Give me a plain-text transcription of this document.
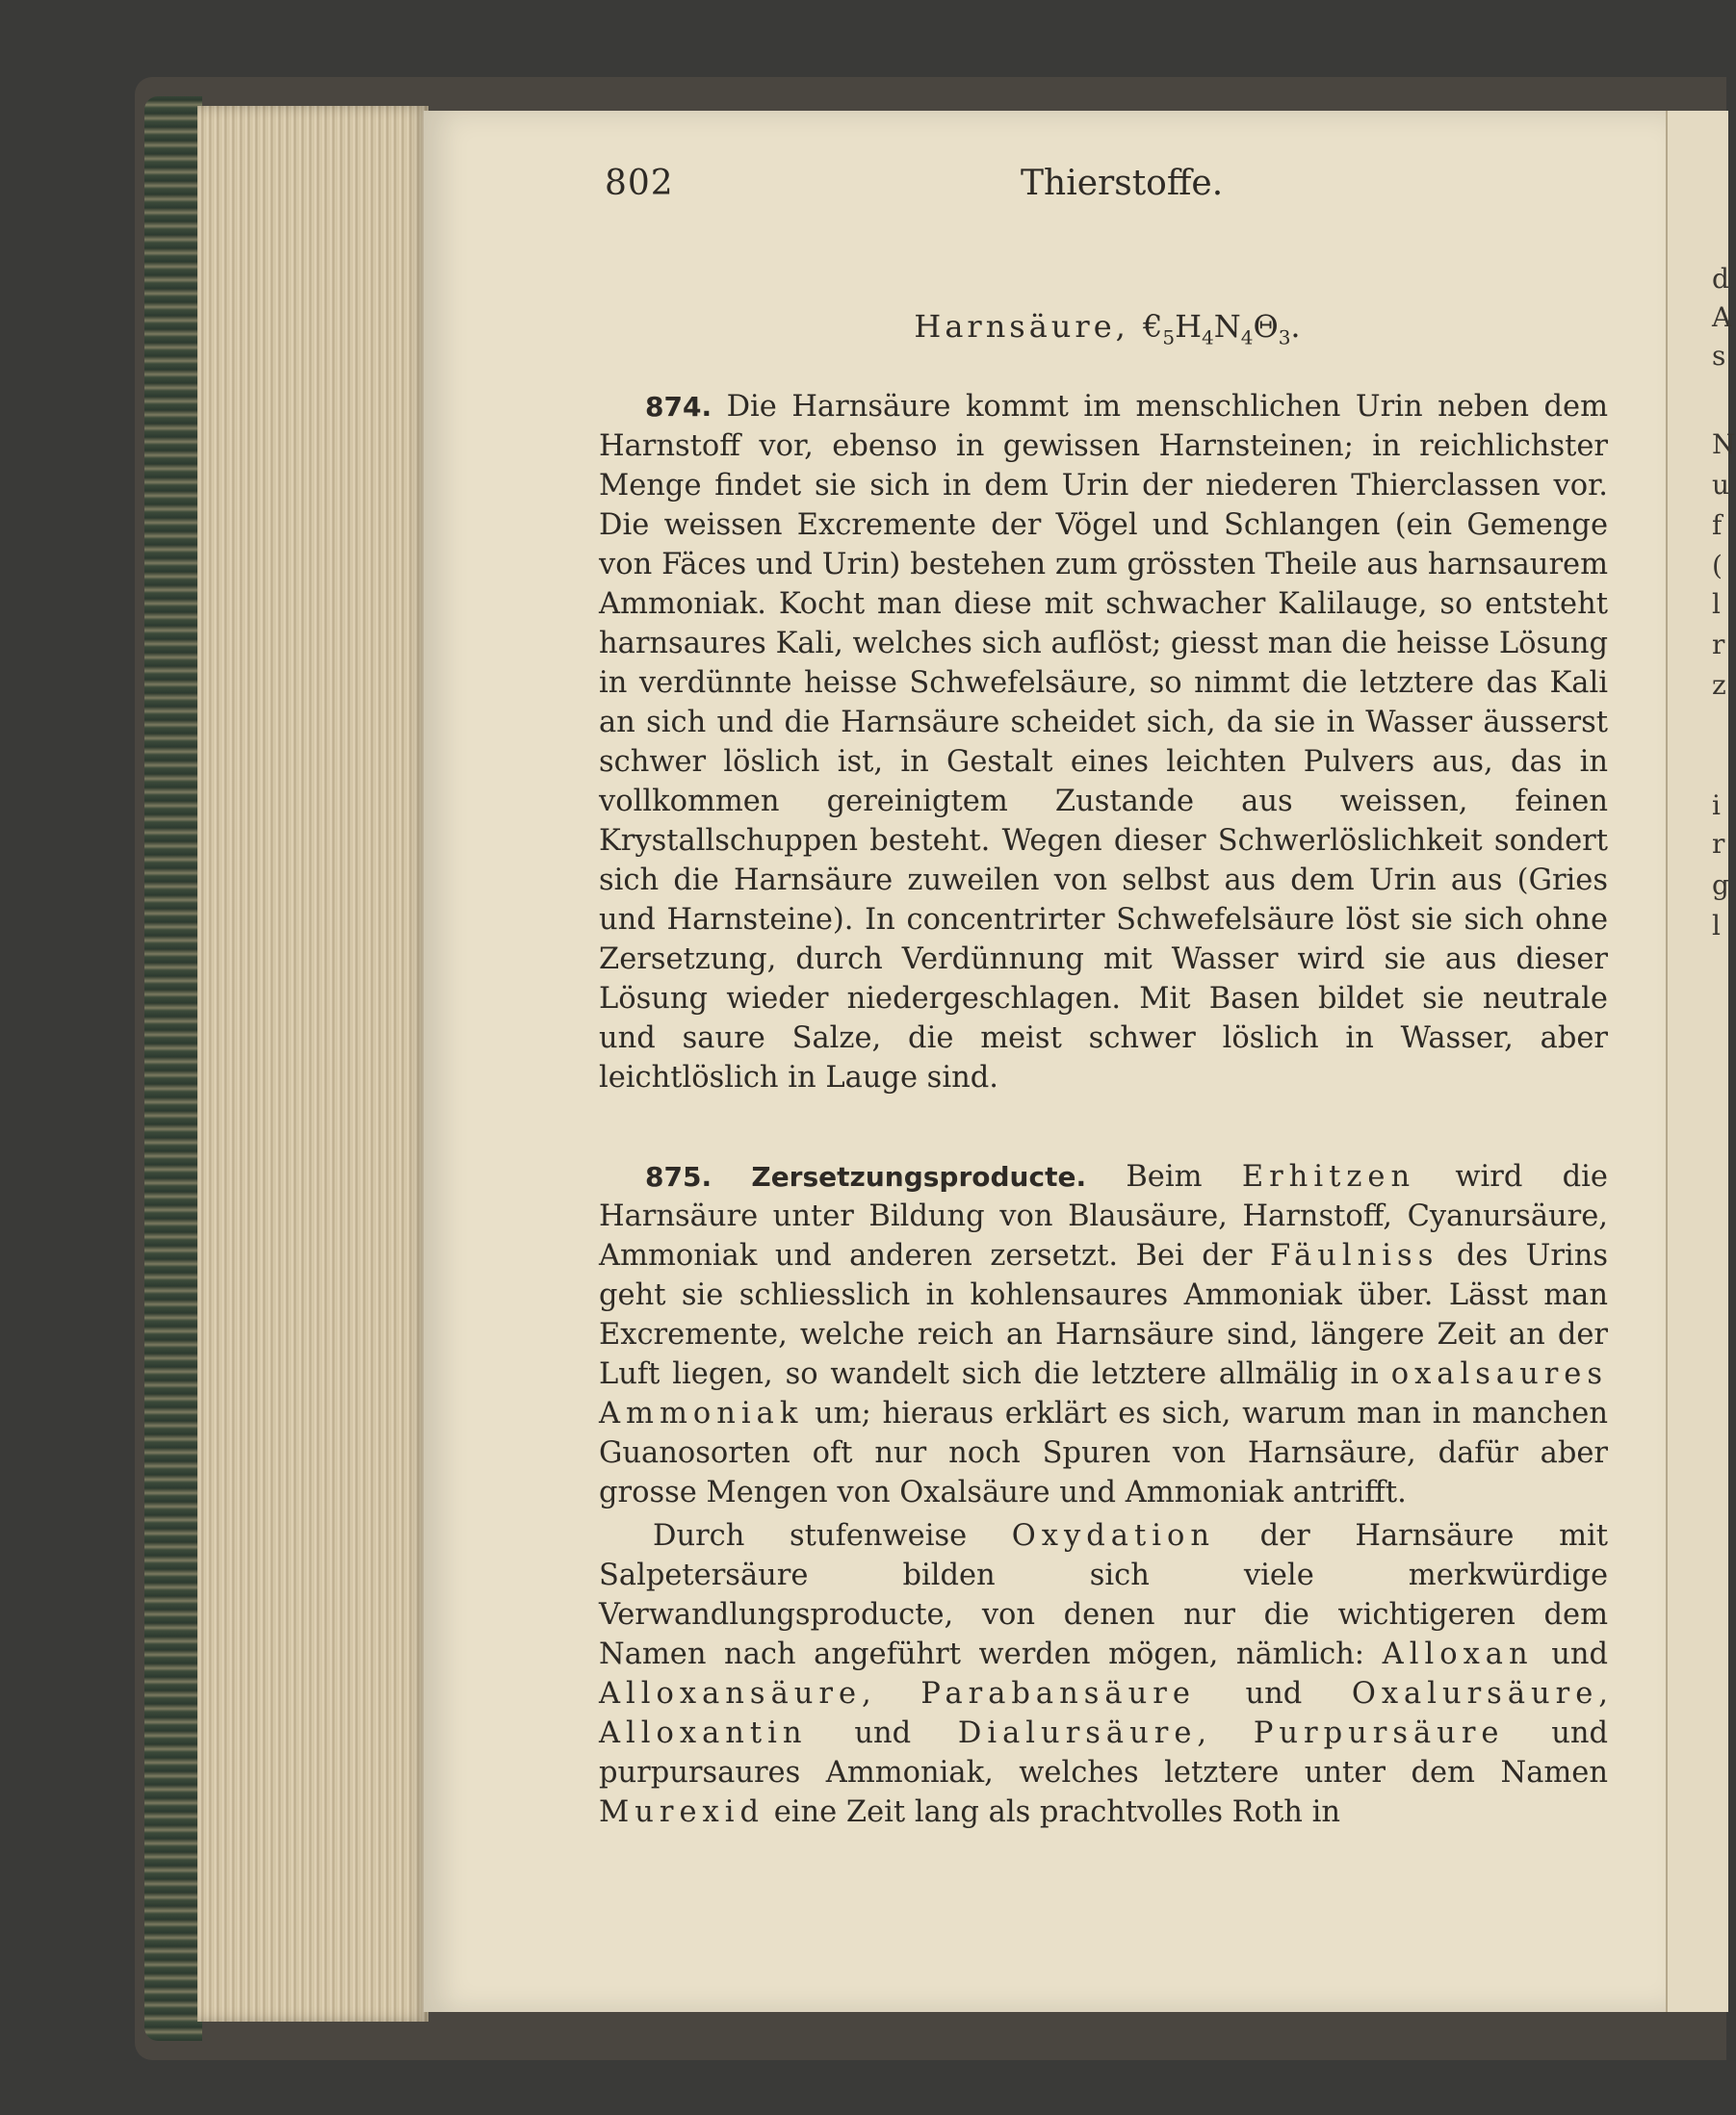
d
A
s
N
u
f
(
l
r
z
i
r
g
l
802	Thierstoffe.
Harnsäure, $€_5H_4N_4\Theta_3$.
874. Die Harnsäure kommt im menschlichen Urin neben dem Harnstoff vor, ebenso in gewissen Harnsteinen; in reichlichster Menge findet sie sich in dem Urin der niederen Thierclassen vor. Die weissen Excremente der Vögel und Schlangen (ein Gemenge von Fäces und Urin) bestehen zum grössten Theile aus harnsaurem Ammoniak. Kocht man diese mit schwacher Kalilauge, so entsteht harnsaures Kali, welches sich auflöst; giesst man die heisse Lösung in verdünnte heisse Schwefelsäure, so nimmt die letztere das Kali an sich und die Harnsäure scheidet sich, da sie in Wasser äusserst schwer löslich ist, in Gestalt eines leichten Pulvers aus, das in vollkommen gereinigtem Zustande aus weissen, feinen Krystallschuppen besteht. Wegen dieser Schwerlöslichkeit sondert sich die Harnsäure zuweilen von selbst aus dem Urin aus (Gries und Harnsteine). In concentrirter Schwefelsäure löst sie sich ohne Zersetzung, durch Verdünnung mit Wasser wird sie aus dieser Lösung wieder niedergeschlagen. Mit Basen bildet sie neutrale und saure Salze, die meist schwer löslich in Wasser, aber leichtlöslich in Lauge sind.
875. Zersetzungsproducte. Beim Erhitzen wird die Harnsäure unter Bildung von Blausäure, Harnstoff, Cyanursäure, Ammoniak und anderen zersetzt. Bei der Fäulniss des Urins geht sie schliesslich in kohlensaures Ammoniak über. Lässt man Excremente, welche reich an Harnsäure sind, längere Zeit an der Luft liegen, so wandelt sich die letztere allmälig in oxalsaures Ammoniak um; hieraus erklärt es sich, warum man in manchen Guanosorten oft nur noch Spuren von Harnsäure, dafür aber grosse Mengen von Oxalsäure und Ammoniak antrifft.
Durch stufenweise Oxydation der Harnsäure mit Salpetersäure bilden sich viele merkwürdige Verwandlungsproducte, von denen nur die wichtigeren dem Namen nach angeführt werden mögen, nämlich: Alloxan und Alloxansäure, Parabansäure und Oxalursäure, Alloxantin und Dialursäure, Purpursäure und purpursaures Ammoniak, welches letztere unter dem Namen Murexid eine Zeit lang als prachtvolles Roth in
